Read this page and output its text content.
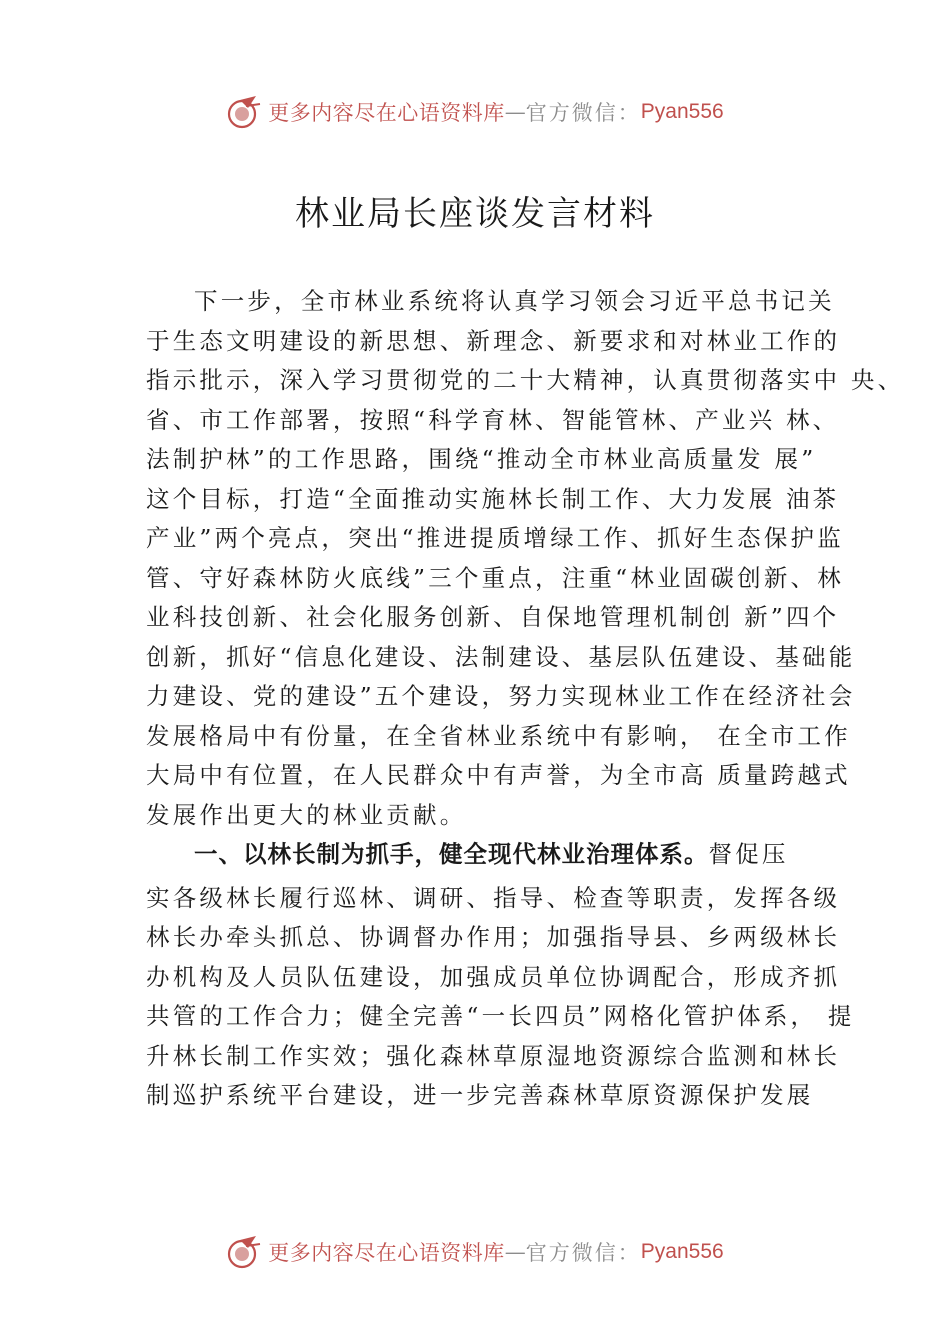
更多内容尽在心语资料库 — 官方微信： Pyan556
林业局长座谈发言材料
下一步，全市林业系统将认真学习领会习近平总书记关
于生态文明建设的新思想、新理念、新要求和对林业工作的
指示批示，深入学习贯彻党的二十大精神，认真贯彻落实中 央、
省、市工作部署，按照“科学育林、智能管林、产业兴 林、
法制护林”的工作思路，围绕“推动全市林业高质量发 展”
这个目标，打造“全面推动实施林长制工作、大力发展 油茶
产业”两个亮点，突出“推进提质增绿工作、抓好生态保护监
管、守好森林防火底线”三个重点，注重“林业固碳创新、林
业科技创新、社会化服务创新、自保地管理机制创 新”四个
创新，抓好“信息化建设、法制建设、基层队伍建设、基础能
力建设、党的建设”五个建设，努力实现林业工作在经济社会
发展格局中有份量，在全省林业系统中有影响， 在全市工作
大局中有位置，在人民群众中有声誉，为全市高 质量跨越式
发展作出更大的林业贡献。
一、以林长制为抓手，健全现代林业治理体系。督促压
实各级林长履行巡林、调研、指导、检查等职责，发挥各级
林长办牵头抓总、协调督办作用；加强指导县、乡两级林长
办机构及人员队伍建设，加强成员单位协调配合，形成齐抓
共管的工作合力；健全完善“一长四员”网格化管护体系， 提
升林长制工作实效；强化森林草原湿地资源综合监测和林长
制巡护系统平台建设，进一步完善森林草原资源保护发展
更多内容尽在心语资料库 — 官方微信： Pyan556
